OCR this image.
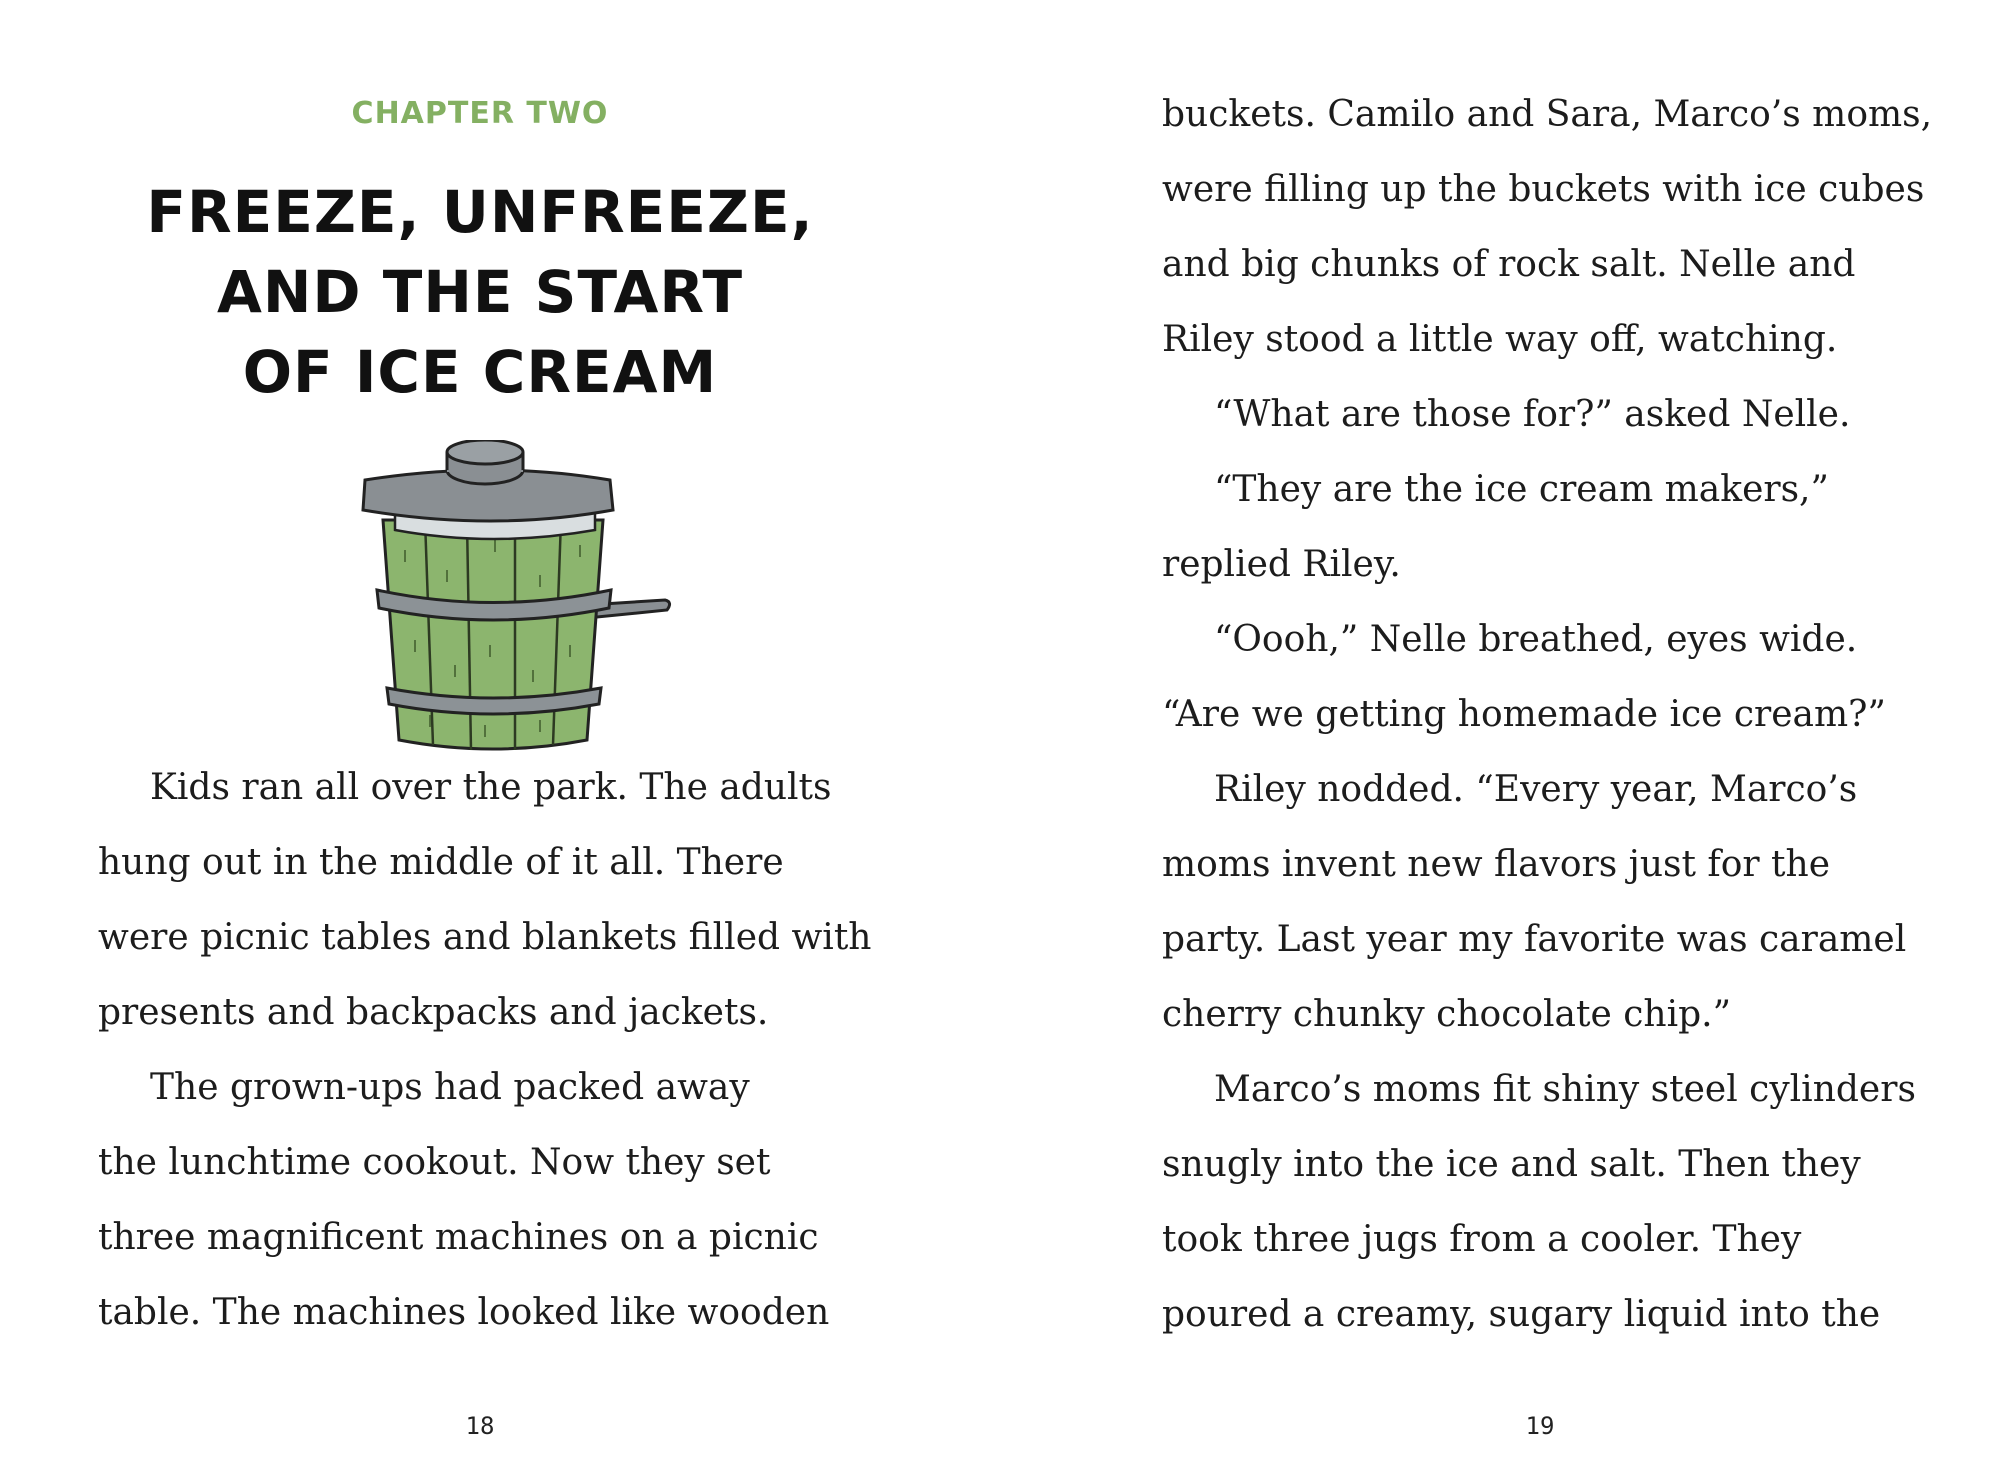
CHAPTER TWO
FREEZE, UNFREEZE,
AND THE START
OF ICE CREAM
Kids ran all over the park. The adults
hung out in the middle of it all. There
were picnic tables and blankets filled with
presents and backpacks and jackets.
The grown-ups had packed away
the lunchtime cookout. Now they set
three magnificent machines on a picnic
table. The machines looked like wooden
18
buckets. Camilo and Sara, Marco’s moms,
were filling up the buckets with ice cubes
and big chunks of rock salt. Nelle and
Riley stood a little way off, watching.
“What are those for?” asked Nelle.
“They are the ice cream makers,”
replied Riley.
“Oooh,” Nelle breathed, eyes wide.
“Are we getting homemade ice cream?”
Riley nodded. “Every year, Marco’s
moms invent new flavors just for the
party. Last year my favorite was caramel
cherry chunky chocolate chip.”
Marco’s moms fit shiny steel cylinders
snugly into the ice and salt. Then they
took three jugs from a cooler. They
poured a creamy, sugary liquid into the
19
